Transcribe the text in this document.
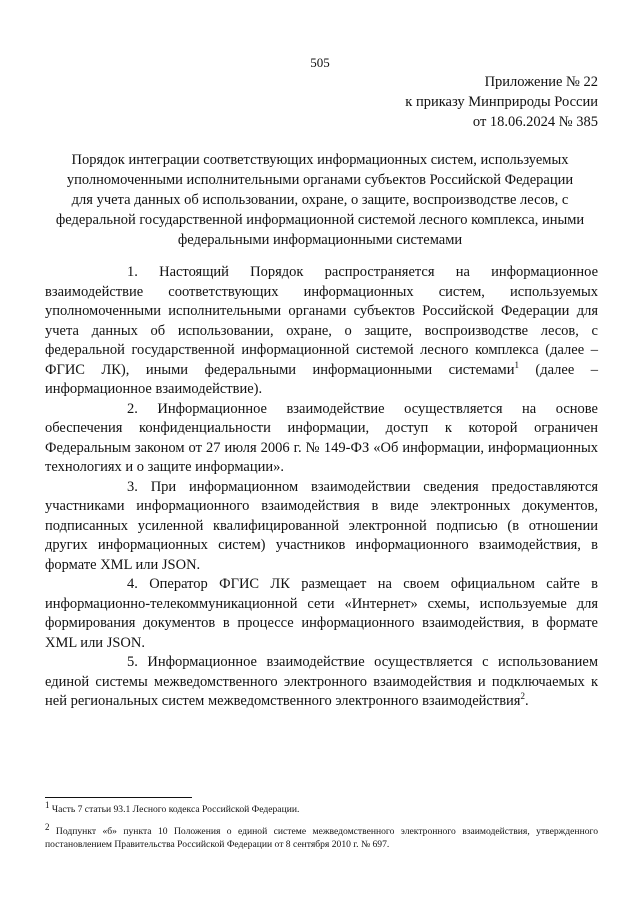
505
Приложение № 22
к приказу Минприроды России
от 18.06.2024 № 385
Порядок интеграции соответствующих информационных систем, используемых уполномоченными исполнительными органами субъектов Российской Федерации для учета данных об использовании, охране, о защите, воспроизводстве лесов, с федеральной государственной информационной системой лесного комплекса, иными федеральными информационными системами

1. Настоящий Порядок распространяется на информационное взаимодействие соответствующих информационных систем, используемых уполномоченными исполнительными органами субъектов Российской Федерации для учета данных об использовании, охране, о защите, воспроизводстве лесов, с федеральной государственной информационной системой лесного комплекса (далее – ФГИС ЛК), иными федеральными информационными системами$^1$ (далее – информационное взаимодействие).

2. Информационное взаимодействие осуществляется на основе обеспечения конфиденциальности информации, доступ к которой ограничен Федеральным законом от 27 июля 2006 г. № 149-ФЗ «Об информации, информационных технологиях и о защите информации».

3. При информационном взаимодействии сведения предоставляются участниками информационного взаимодействия в виде электронных документов, подписанных усиленной квалифицированной электронной подписью (в отношении других информационных систем) участников информационного взаимодействия, в формате XML или JSON.

4. Оператор ФГИС ЛК размещает на своем официальном сайте в информационно-телекоммуникационной сети «Интернет» схемы, используемые для формирования документов в процессе информационного взаимодействия, в формате XML или JSON.

5. Информационное взаимодействие осуществляется с использованием единой системы межведомственного электронного взаимодействия и подключаемых к ней региональных систем межведомственного электронного взаимодействия$^2$.

$^1$ Часть 7 статьи 93.1 Лесного кодекса Российской Федерации.

$^2$ Подпункт «б» пункта 10 Положения о единой системе межведомственного электронного взаимодействия, утвержденного постановлением Правительства Российской Федерации от 8 сентября 2010 г. № 697.
